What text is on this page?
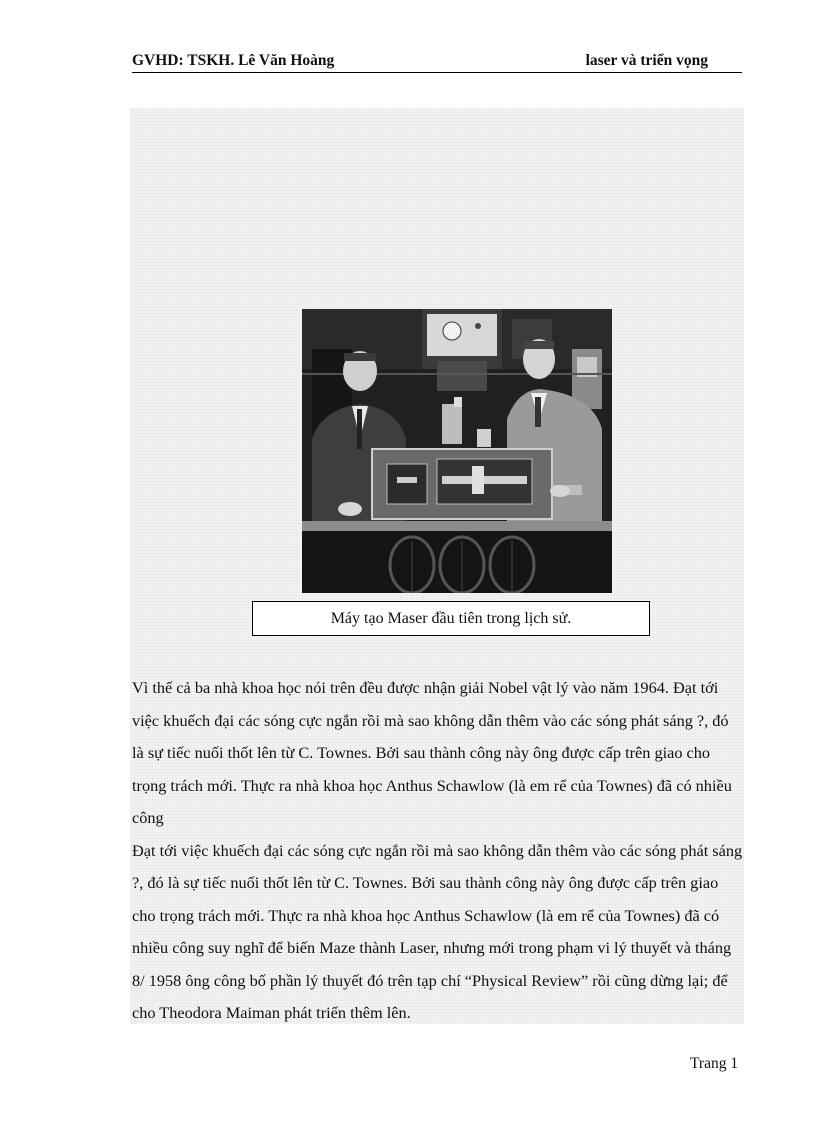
GVHD: TSKH. Lê Văn Hoàng	laser và triển vọng
Máy tạo Maser đầu tiên trong lịch sử.

Vì thế cả ba nhà khoa học nói trên đều được nhận giải Nobel vật lý vào năm 1964. Đạt tới việc khuếch đại các sóng cực ngắn rồi mà sao không dẫn thêm vào các sóng phát sáng ?, đó là sự tiếc nuối thốt lên từ C. Townes. Bởi sau thành công này ông được cấp trên giao cho trọng trách mới. Thực ra nhà khoa học Anthus Schawlow (là em rể của Townes) đã có nhiều công

Đạt tới việc khuếch đại các sóng cực ngắn rồi mà sao không dẫn thêm vào các sóng phát sáng ?, đó là sự tiếc nuối thốt lên từ C. Townes. Bởi sau thành công này ông được cấp trên giao cho trọng trách mới. Thực ra nhà khoa học Anthus Schawlow (là em rể của Townes) đã có nhiều công suy nghĩ để biến Maze thành Laser, nhưng mới trong phạm vi lý thuyết và tháng 8/ 1958 ông công bố phần lý thuyết đó trên tạp chí “Physical Review” rồi cũng dừng lại; để cho Theodora Maiman phát triển thêm lên.

Trang 1
